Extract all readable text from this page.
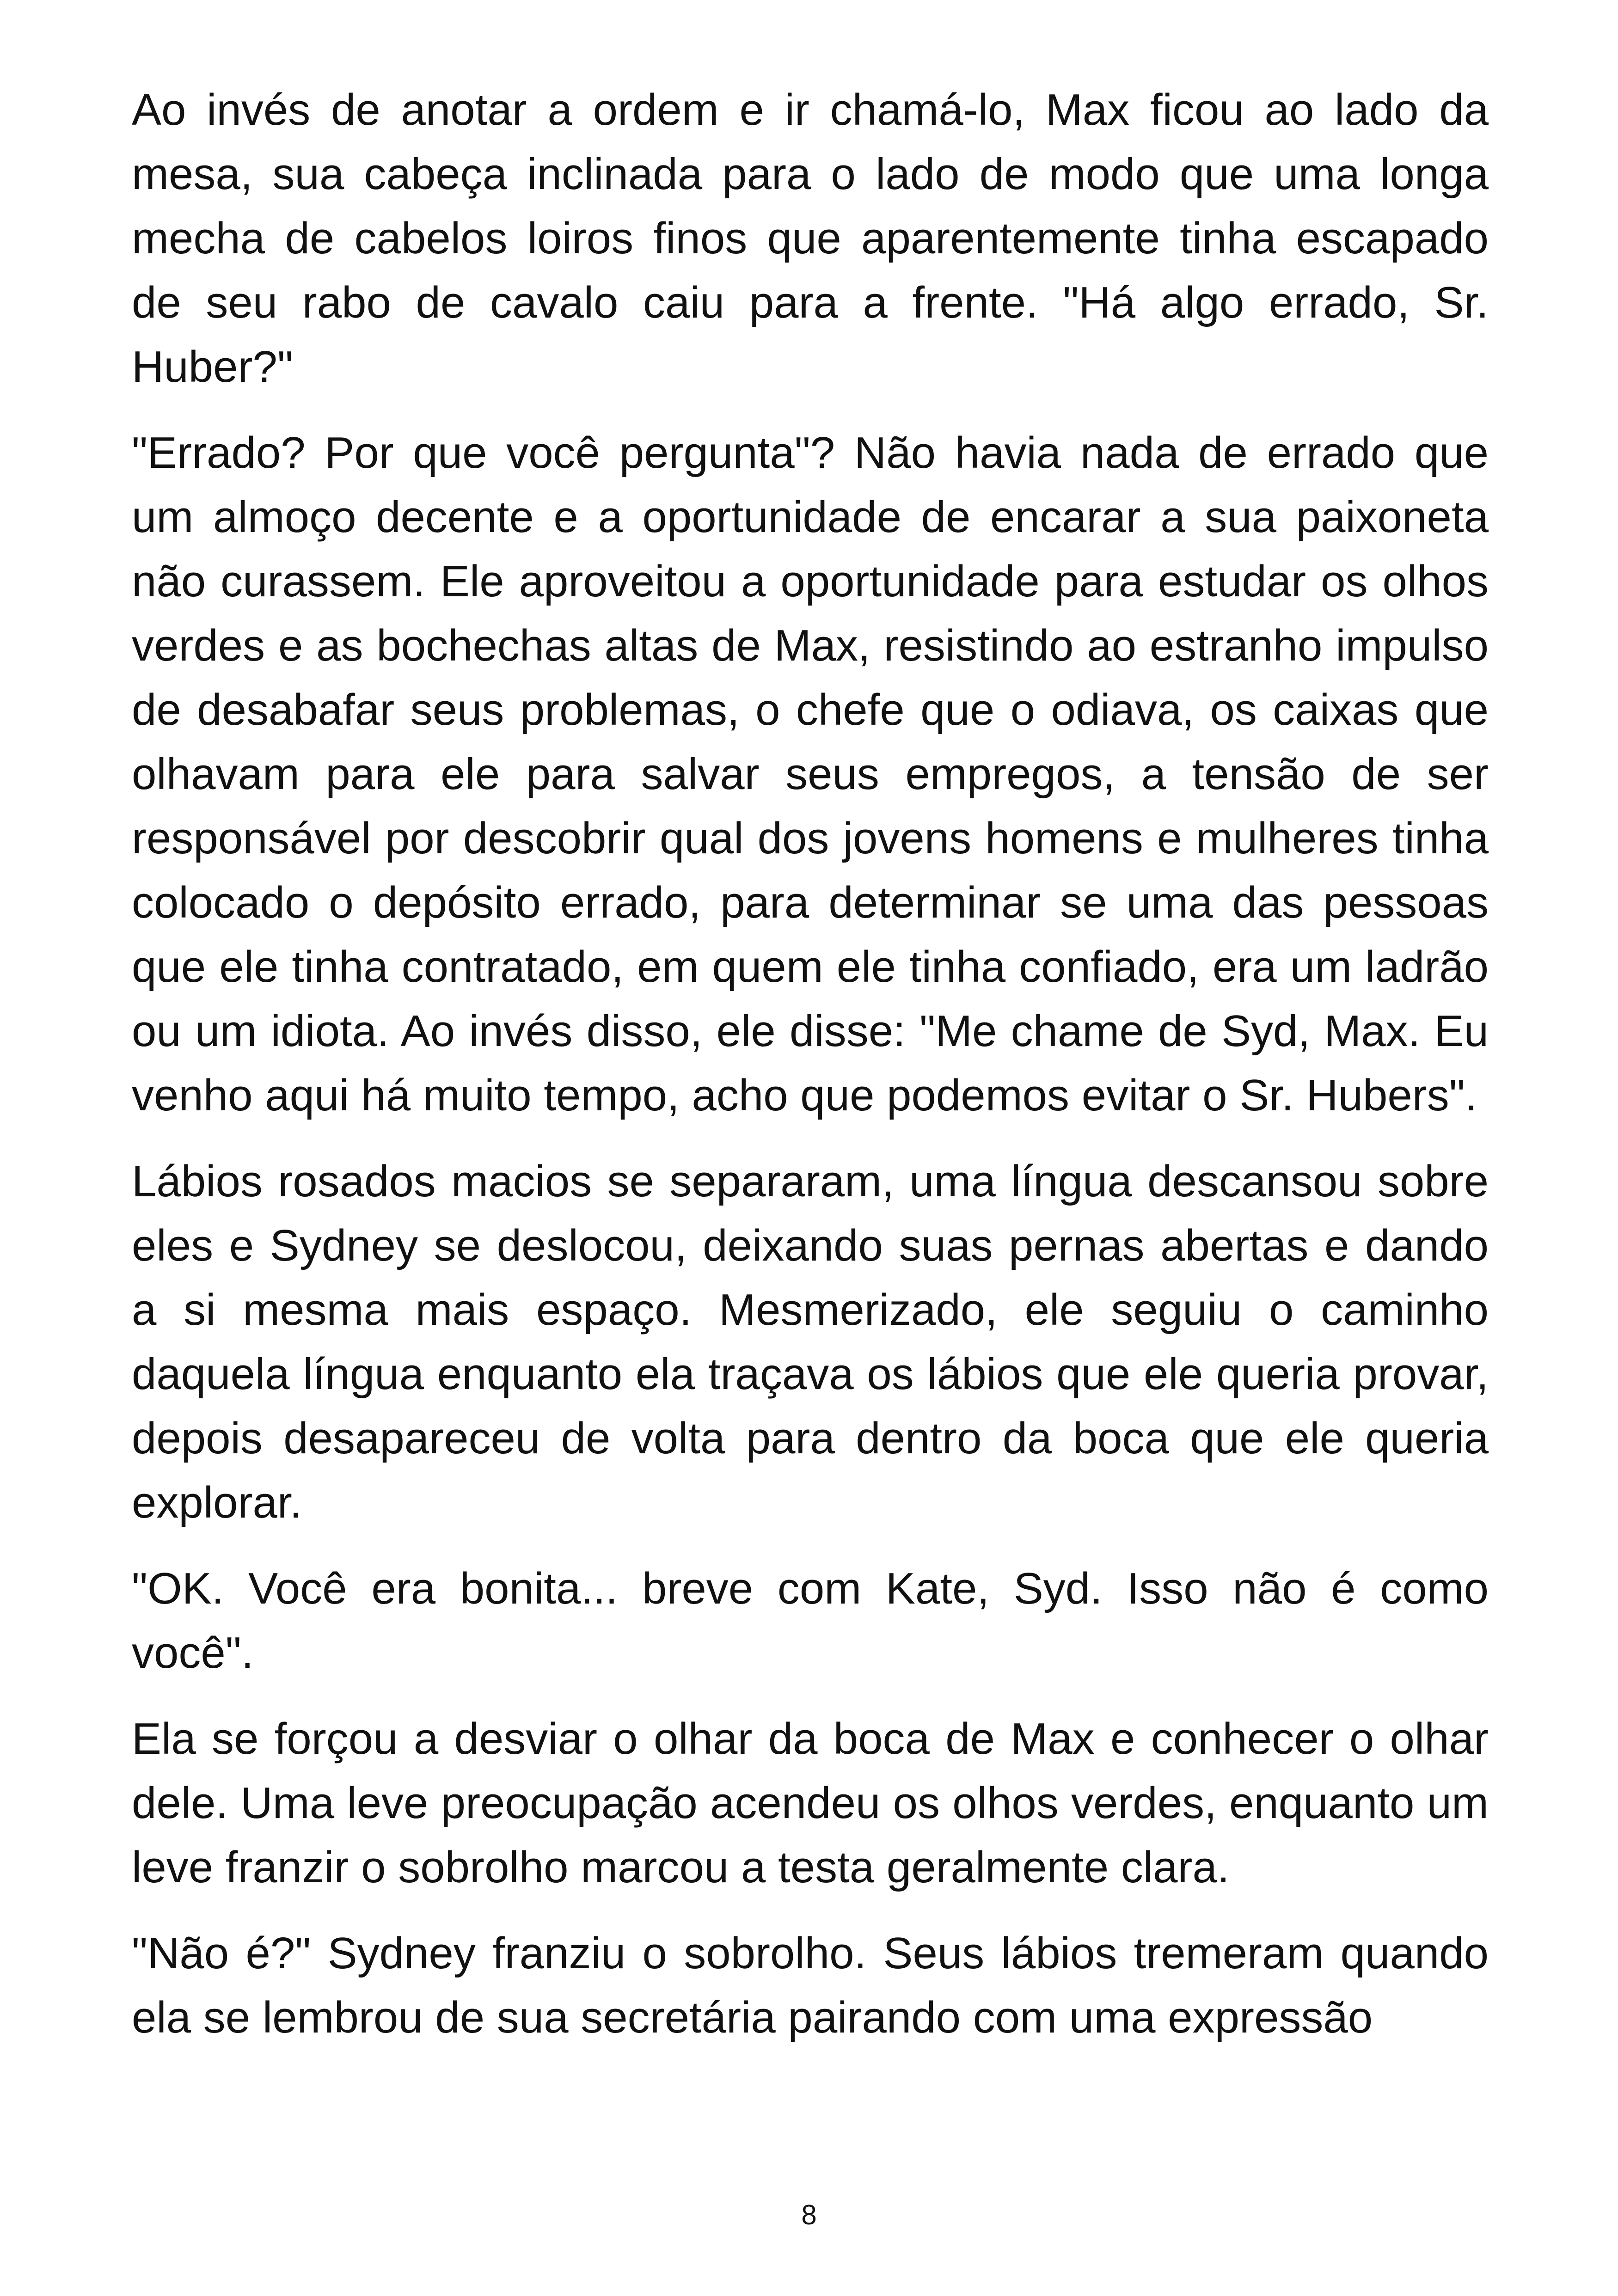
Ao invés de anotar a ordem e ir chamá-lo, Max ficou ao lado da mesa, sua cabeça inclinada para o lado de modo que uma longa mecha de cabelos loiros finos que aparentemente tinha escapado de seu rabo de cavalo caiu para a frente. "Há algo errado, Sr. Huber?"

"Errado? Por que você pergunta"? Não havia nada de errado que um almoço decente e a oportunidade de encarar a sua paixoneta não curassem. Ele aproveitou a oportunidade para estudar os olhos verdes e as bochechas altas de Max, resistindo ao estranho impulso de desabafar seus problemas, o chefe que o odiava, os caixas que olhavam para ele para salvar seus empregos, a tensão de ser responsável por descobrir qual dos jovens homens e mulheres tinha colocado o depósito errado, para determinar se uma das pessoas que ele tinha contratado, em quem ele tinha confiado, era um ladrão ou um idiota. Ao invés disso, ele disse: "Me chame de Syd, Max. Eu venho aqui há muito tempo, acho que podemos evitar o Sr. Hubers".

Lábios rosados macios se separaram, uma língua descansou sobre eles e Sydney se deslocou, deixando suas pernas abertas e dando a si mesma mais espaço. Mesmerizado, ele seguiu o caminho daquela língua enquanto ela traçava os lábios que ele queria provar, depois desapareceu de volta para dentro da boca que ele queria explorar.

"OK. Você era bonita... breve com Kate, Syd. Isso não é como você".

Ela se forçou a desviar o olhar da boca de Max e conhecer o olhar dele. Uma leve preocupação acendeu os olhos verdes, enquanto um leve franzir o sobrolho marcou a testa geralmente clara.

"Não é?" Sydney franziu o sobrolho. Seus lábios tremeram quando ela se lembrou de sua secretária pairando com uma expressão

8
